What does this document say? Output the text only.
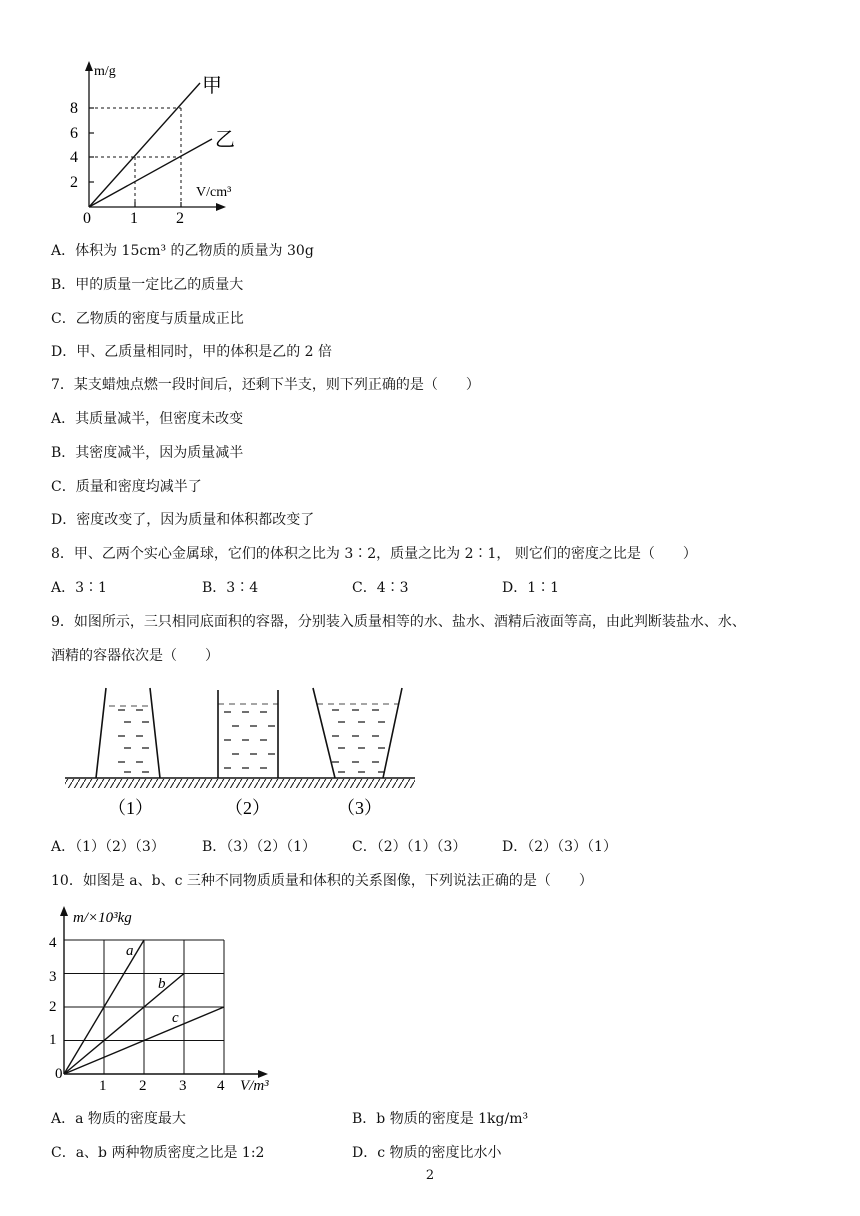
m/g
V/cm³
甲
乙
8
6
4
2
0 1 2
A．体积为 15cm³ 的乙物质的质量为 30g
B．甲的质量一定比乙的质量大
C．乙物质的密度与质量成正比
D．甲、乙质量相同时，甲的体积是乙的 2 倍
7．某支蜡烛点燃一段时间后，还剩下半支，则下列正确的是（　　）
A．其质量减半，但密度未改变
B．其密度减半，因为质量减半
C．质量和密度均减半了
D．密度改变了，因为质量和体积都改变了
8．甲、乙两个实心金属球，它们的体积之比为 3∶2，质量之比为 2∶1， 则它们的密度之比是（　　）
A．3∶1	B．3∶4	C．4∶3	D．1∶1
9．如图所示，三只相同底面积的容器，分别装入质量相等的水、盐水、酒精后液面等高，由此判断装盐水、水、
酒精的容器依次是（　　）
（1）	（2）	（3）
A．（1）（2）（3）	B．（3）（2）（1）	C．（2）（1）（3）	D．（2）（3）（1）
10．如图是 a、b、c 三种不同物质质量和体积的关系图像，下列说法正确的是（　　）
m/×10³kg
V/m³
4
3
2
1
0
1 2 3 4
a
b
c
A．a 物质的密度最大	B．b 物质的密度是 1kg/m³
C．a、b 两种物质密度之比是 1:2	D．c 物质的密度比水小
2
